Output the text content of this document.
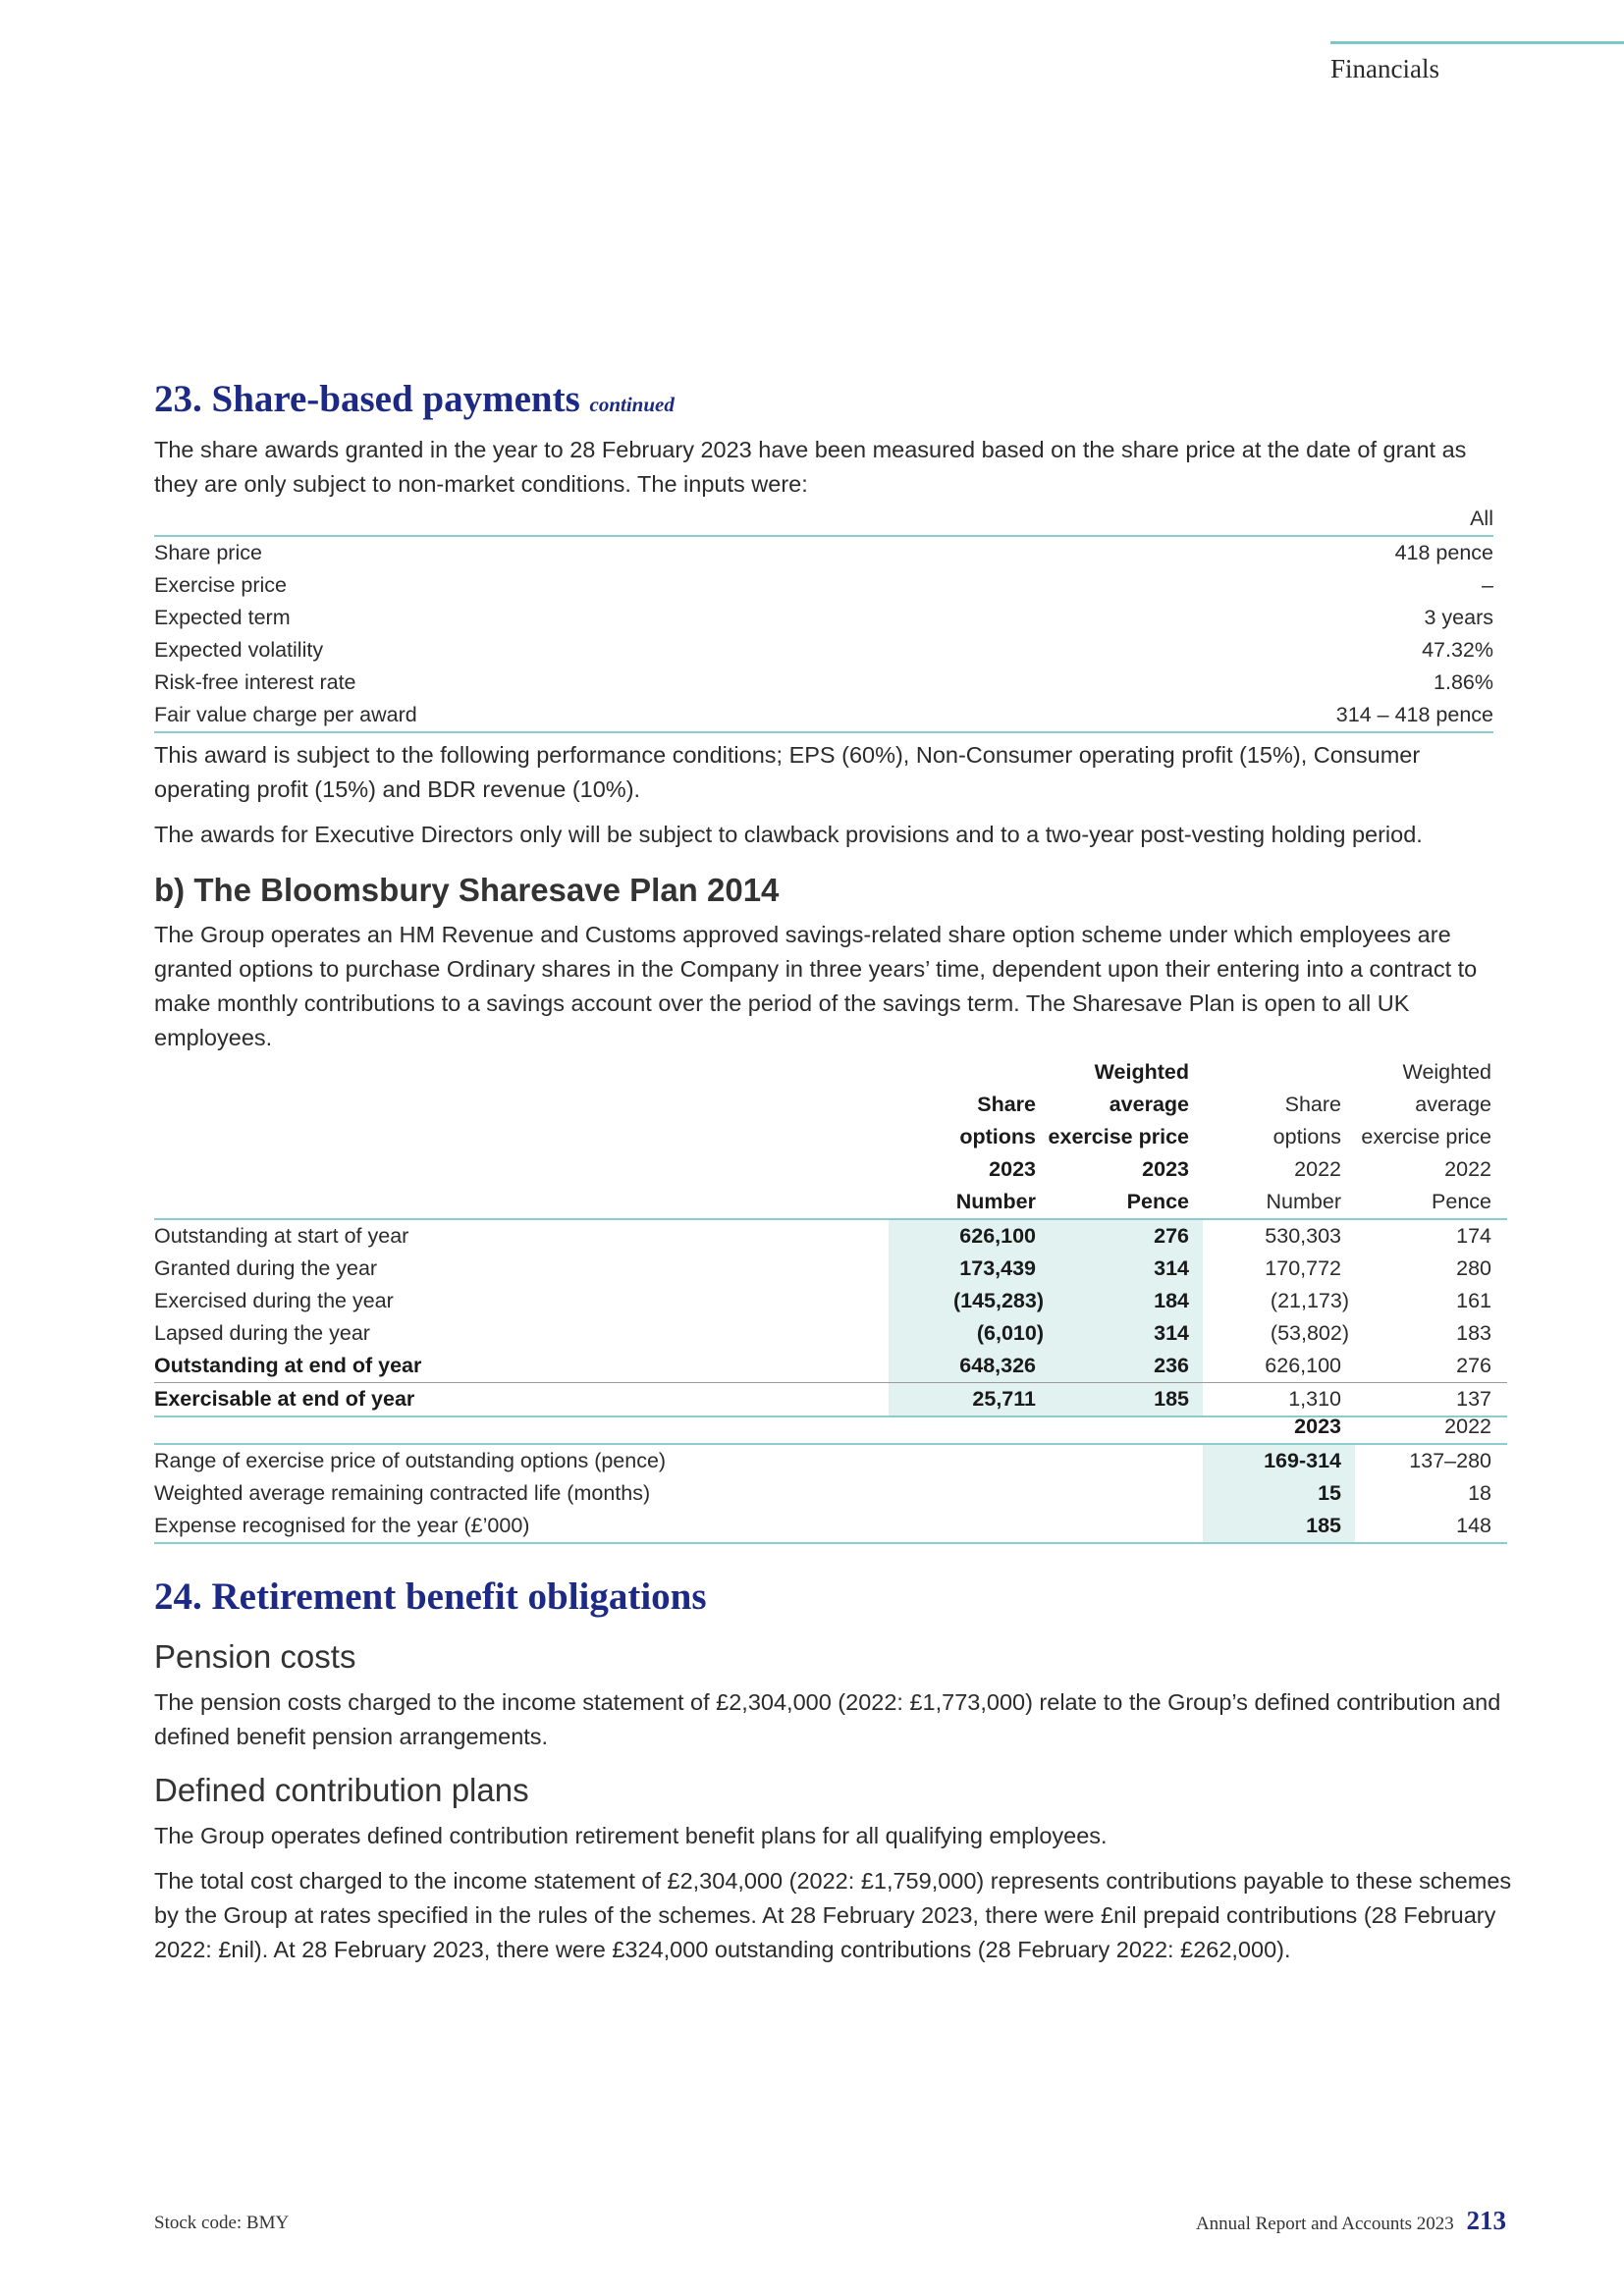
Financials
23. Share-based payments continued

The share awards granted in the year to 28 February 2023 have been measured based on the share price at the date of grant as they are only subject to non-market conditions. The inputs were:

	All
Share price	418 pence
Exercise price	–
Expected term	3 years
Expected volatility	47.32%
Risk-free interest rate	1.86%
Fair value charge per award	314 – 418 pence

This award is subject to the following performance conditions; EPS (60%), Non-Consumer operating profit (15%), Consumer operating profit (15%) and BDR revenue (10%).

The awards for Executive Directors only will be subject to clawback provisions and to a two-year post-vesting holding period.

b) The Bloomsbury Sharesave Plan 2014

The Group operates an HM Revenue and Customs approved savings-related share option scheme under which employees are granted options to purchase Ordinary shares in the Company in three years’ time, dependent upon their entering into a contract to make monthly contributions to a savings account over the period of the savings term. The Sharesave Plan is open to all UK employees.

		Weighted		Weighted
	Share	average	Share	average
	options	exercise price	options	exercise price
	2023	2023	2022	2022
	Number	Pence	Number	Pence
Outstanding at start of year	626,100	276	530,303	174
Granted during the year	173,439	314	170,772	280
Exercised during the year	(145,283)	184	(21,173)	161
Lapsed during the year	(6,010)	314	(53,802)	183
Outstanding at end of year	648,326	236	626,100	276
Exercisable at end of year	25,711	185	1,310	137
	2023	2022
Range of exercise price of outstanding options (pence)	169-314	137–280
Weighted average remaining contracted life (months)	15	18
Expense recognised for the year (£’000)	185	148
24. Retirement benefit obligations
Pension costs

The pension costs charged to the income statement of £2,304,000 (2022: £1,773,000) relate to the Group’s defined contribution and defined benefit pension arrangements.

Defined contribution plans

The Group operates defined contribution retirement benefit plans for all qualifying employees.

The total cost charged to the income statement of £2,304,000 (2022: £1,759,000) represents contributions payable to these schemes by the Group at rates specified in the rules of the schemes. At 28 February 2023, there were £nil prepaid contributions (28 February 2022: £nil). At 28 February 2023, there were £324,000 outstanding contributions (28 February 2022: £262,000).

Stock code: BMY	Annual Report and Accounts 2023 213
